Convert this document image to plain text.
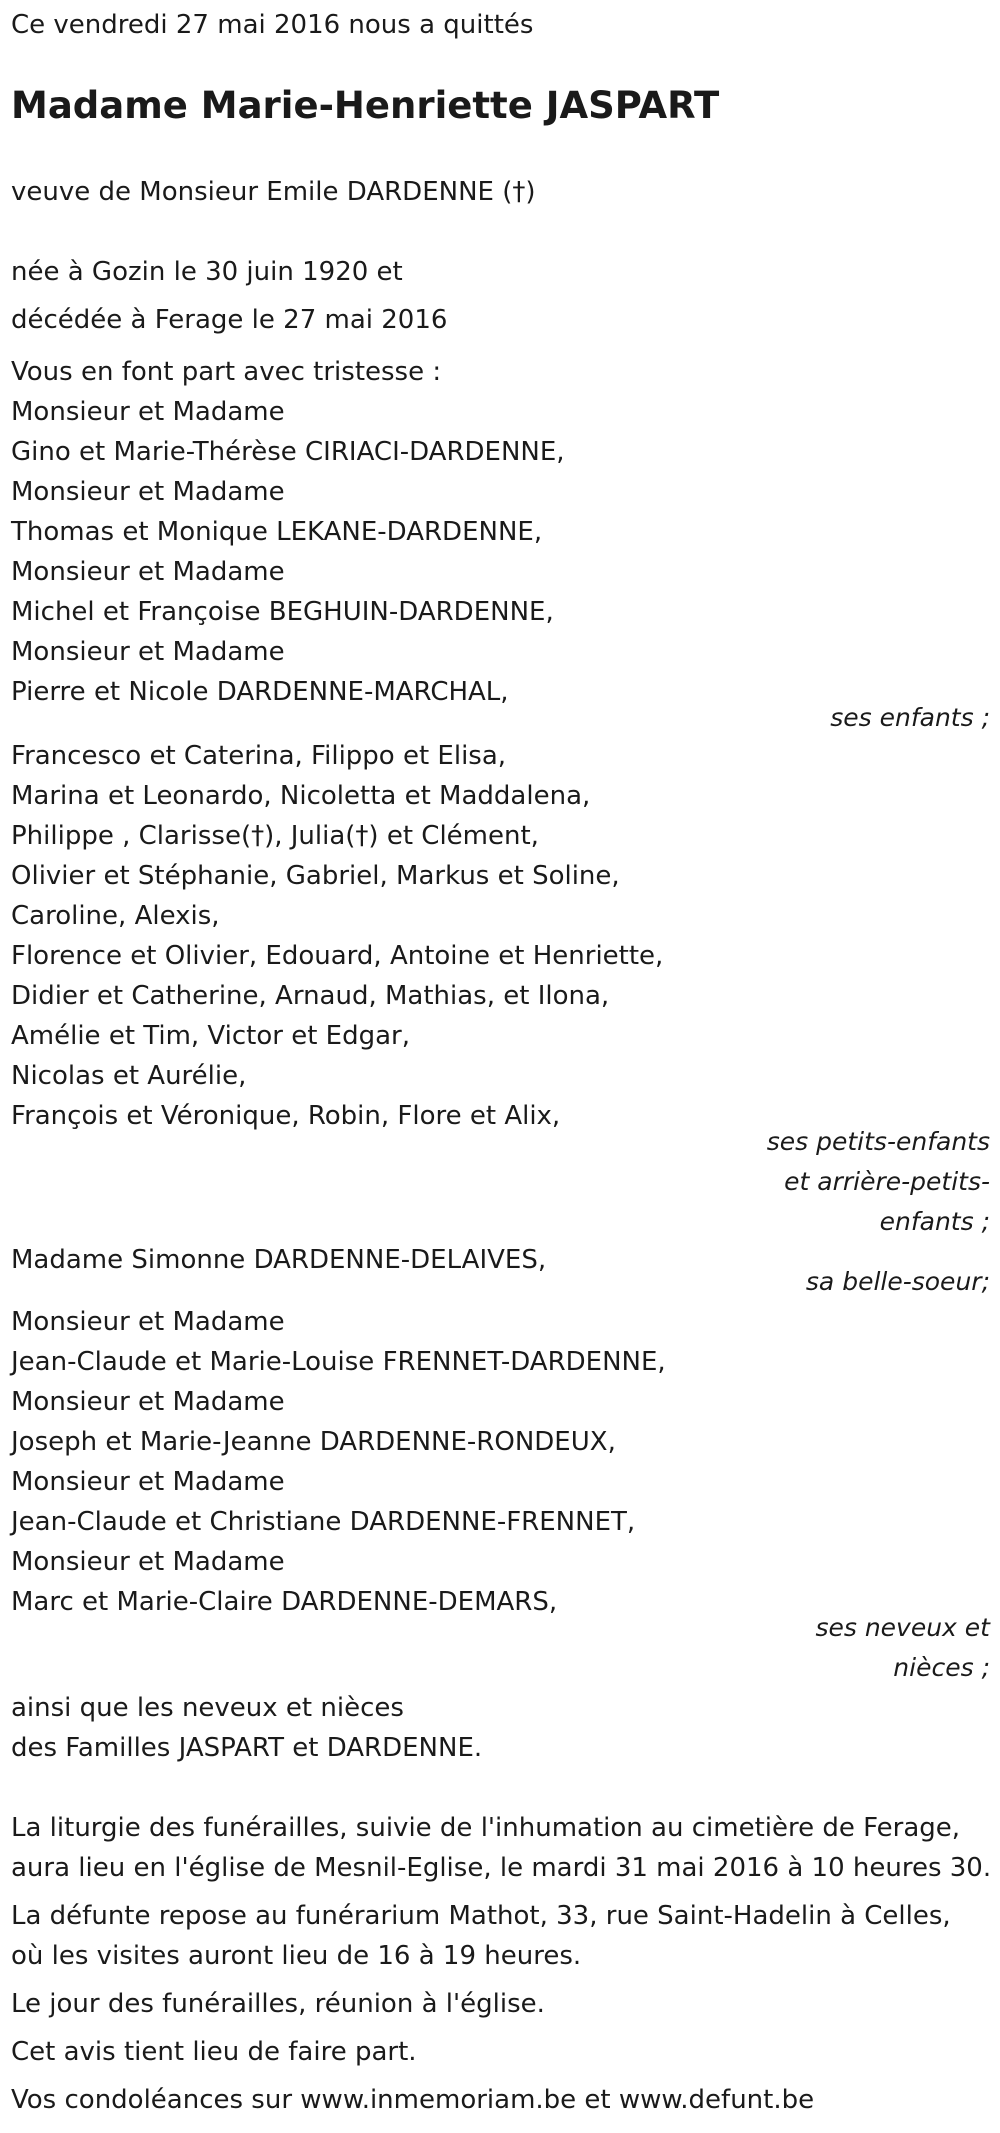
Ce vendredi 27 mai 2016 nous a quittés
Madame Marie-Henriette JASPART
veuve de Monsieur Emile DARDENNE (†)
née à Gozin le 30 juin 1920 et
décédée à Ferage le 27 mai 2016
Vous en font part avec tristesse :
Monsieur et Madame
Gino et Marie-Thérèse CIRIACI-DARDENNE,
Monsieur et Madame
Thomas et Monique LEKANE-DARDENNE,
Monsieur et Madame
Michel et Françoise BEGHUIN-DARDENNE,
Monsieur et Madame
Pierre et Nicole DARDENNE-MARCHAL,
ses enfants ;
Francesco et Caterina, Filippo et Elisa,
Marina et Leonardo, Nicoletta et Maddalena,
Philippe , Clarisse(†), Julia(†) et Clément,
Olivier et Stéphanie, Gabriel, Markus et Soline,
Caroline, Alexis,
Florence et Olivier, Edouard, Antoine et Henriette,
Didier et Catherine, Arnaud, Mathias, et Ilona,
Amélie et Tim, Victor et Edgar,
Nicolas et Aurélie,
François et Véronique, Robin, Flore et Alix,
ses petits-enfants
et arrière-petits-
enfants ;
Madame Simonne DARDENNE-DELAIVES,
sa belle-soeur;
Monsieur et Madame
Jean-Claude et Marie-Louise FRENNET-DARDENNE,
Monsieur et Madame
Joseph et Marie-Jeanne DARDENNE-RONDEUX,
Monsieur et Madame
Jean-Claude et Christiane DARDENNE-FRENNET,
Monsieur et Madame
Marc et Marie-Claire DARDENNE-DEMARS,
ses neveux et
nièces ;
ainsi que les neveux et nièces
des Familles JASPART et DARDENNE.
La liturgie des funérailles, suivie de l'inhumation au cimetière de Ferage,
aura lieu en l'église de Mesnil-Eglise, le mardi 31 mai 2016 à 10 heures 30.
La défunte repose au funérarium Mathot, 33, rue Saint-Hadelin à Celles,
où les visites auront lieu de 16 à 19 heures.
Le jour des funérailles, réunion à l'église.
Cet avis tient lieu de faire part.
Vos condoléances sur www.inmemoriam.be et www.defunt.be
